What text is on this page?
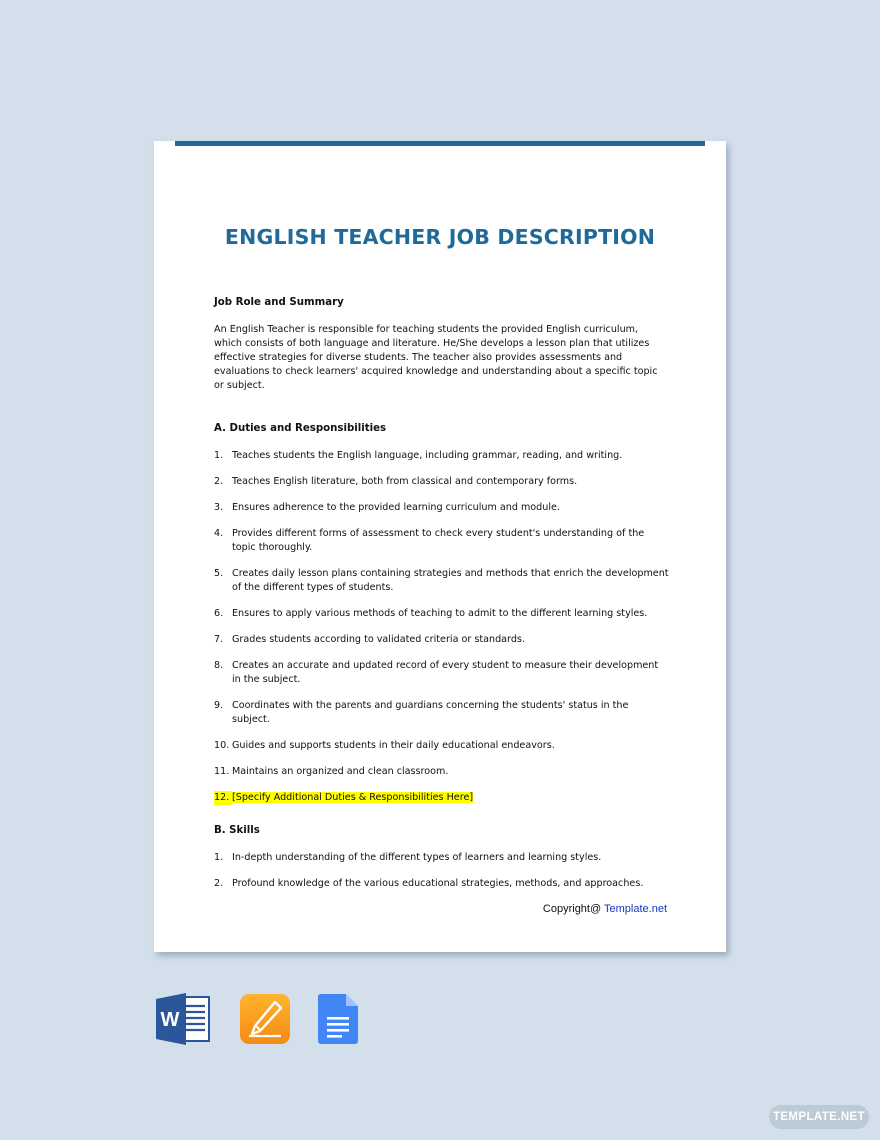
ENGLISH TEACHER JOB DESCRIPTION

Job Role and Summary

An English Teacher is responsible for teaching students the provided English curriculum, which consists of both language and literature. He/She develops a lesson plan that utilizes effective strategies for diverse students. The teacher also provides assessments and evaluations to check learners' acquired knowledge and understanding about a specific topic or subject.

A. Duties and Responsibilities

1. Teaches students the English language, including grammar, reading, and writing.
2. Teaches English literature, both from classical and contemporary forms.
3. Ensures adherence to the provided learning curriculum and module.
4. Provides different forms of assessment to check every student's understanding of the topic thoroughly.
5. Creates daily lesson plans containing strategies and methods that enrich the development of the different types of students.
6. Ensures to apply various methods of teaching to admit to the different learning styles.
7. Grades students according to validated criteria or standards.
8. Creates an accurate and updated record of every student to measure their development in the subject.
9. Coordinates with the parents and guardians concerning the students' status in the subject.
10. Guides and supports students in their daily educational endeavors.
11. Maintains an organized and clean classroom.
12. [Specify Additional Duties & Responsibilities Here]

B. Skills

1. In-depth understanding of the different types of learners and learning styles.
2. Profound knowledge of the various educational strategies, methods, and approaches.
Copyright@ Template.net
W
TEMPLATE.NET
